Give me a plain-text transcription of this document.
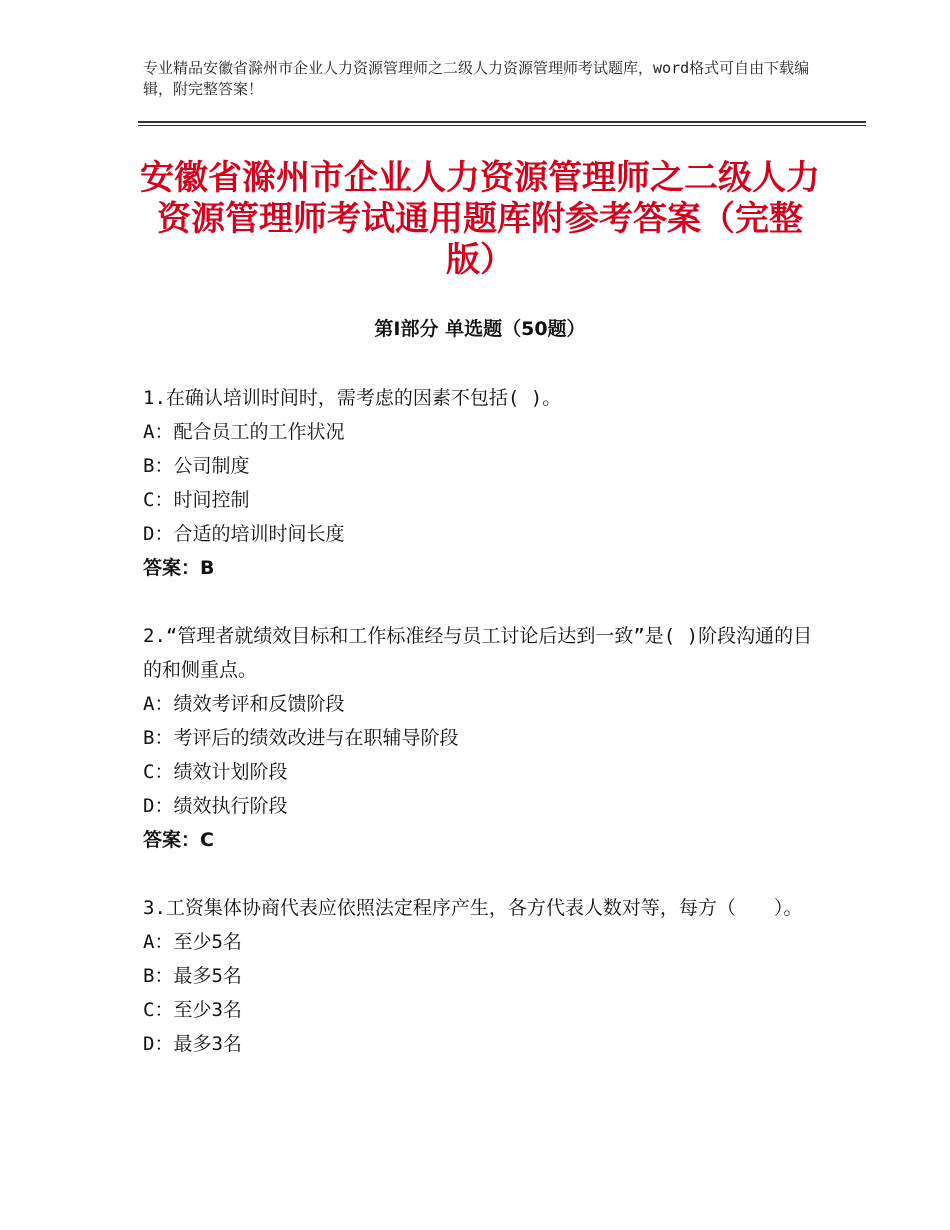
专业精品安徽省滁州市企业人力资源管理师之二级人力资源管理师考试题库，word格式可自由下载编辑，附完整答案！
安徽省滁州市企业人力资源管理师之二级人力资源管理师考试通用题库附参考答案（完整版）
第Ⅰ部分 单选题（50题）

1.在确认培训时间时，需考虑的因素不包括( )。

A：配合员工的工作状况

B：公司制度

C：时间控制

D：合适的培训时间长度

答案：B

2.“管理者就绩效目标和工作标准经与员工讨论后达到一致”是( )阶段沟通的目的和侧重点。

A：绩效考评和反馈阶段

B：考评后的绩效改进与在职辅导阶段

C：绩效计划阶段

D：绩效执行阶段

答案：C

3.工资集体协商代表应依照法定程序产生，各方代表人数对等，每方（　　）。

A：至少5名

B：最多5名

C：至少3名

D：最多3名
